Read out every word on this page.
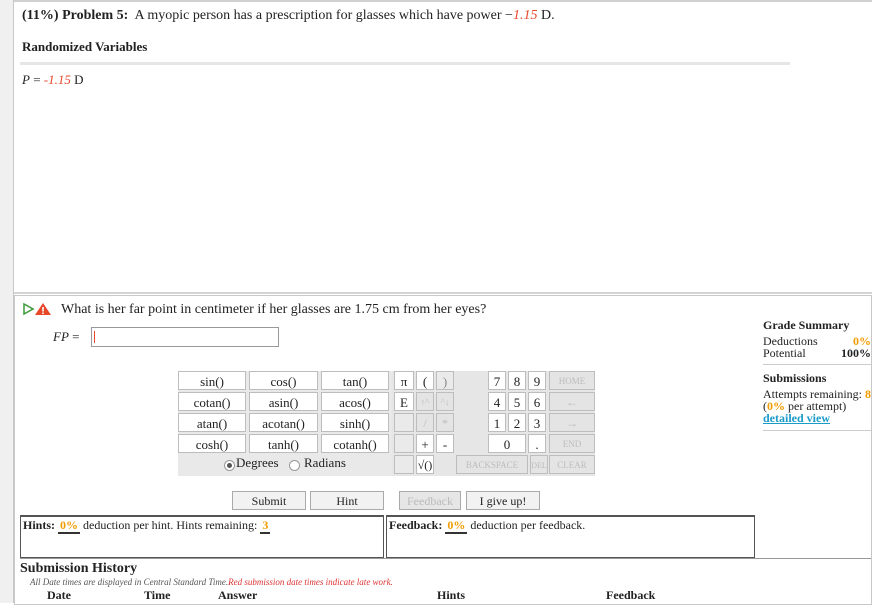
(11%) Problem 5: A myopic person has a prescription for glasses which have power −1.15 D.
Randomized Variables
P = -1.15 D
What is her far point in centimeter if her glasses are 1.75 cm from her eyes?
FP =
sin()	cos()	tan()
cotan()	asin()	acos()
atan()	acotan()	sinh()
cosh()	tanh()	cotanh()
Degrees Radians
π	(	)
E	↑^	^↓
/	*
+	-
√()
7	8	9
4	5	6
1	2	3
0	.
HOME
←
→
END
BACKSPACE	DEL	CLEAR
Submit	Hint	Feedback	I give up!
Grade Summary
Deductions	0%
Potential	100%
Submissions
Attempts remaining: 8
(0% per attempt)
detailed view
Hints: 0% deduction per hint. Hints remaining: 3	Feedback: 0% deduction per feedback.
Submission History
All Date times are displayed in Central Standard Time.Red submission date times indicate late work.
Date	Time	Answer	Hints	Feedback
